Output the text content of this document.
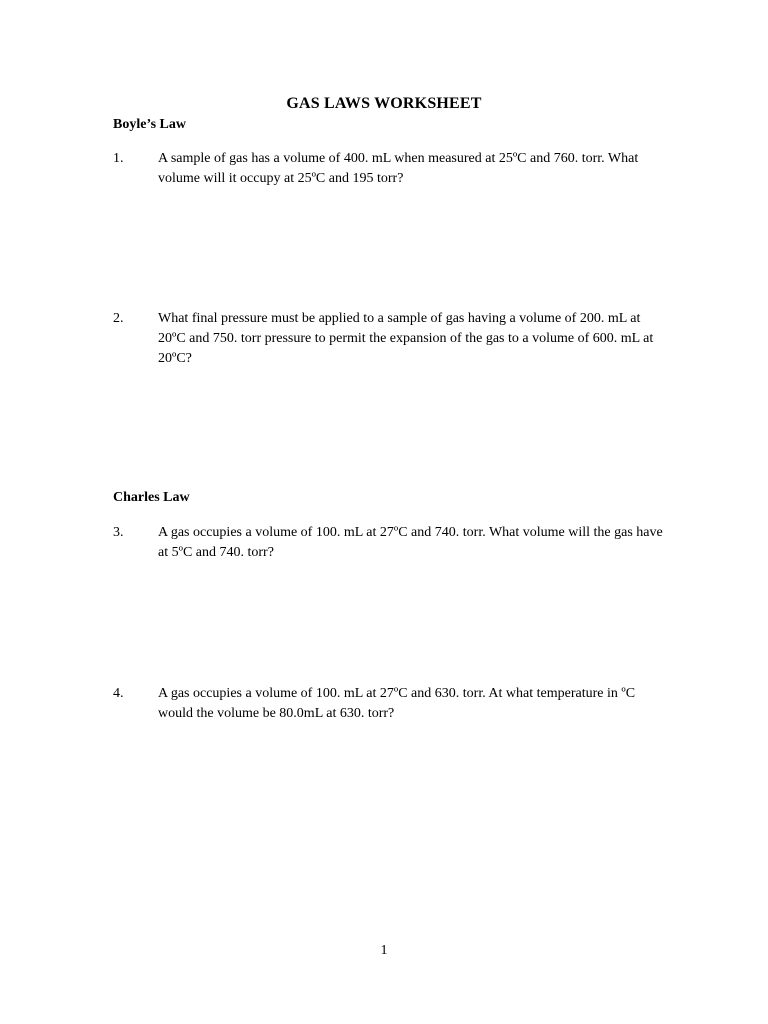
GAS LAWS WORKSHEET
Boyle’s Law
1. A sample of gas has a volume of 400. mL when measured at 25ºC and 760. torr. What volume will it occupy at 25ºC and 195 torr?
2. What final pressure must be applied to a sample of gas having a volume of 200. mL at 20ºC and 750. torr pressure to permit the expansion of the gas to a volume of 600. mL at 20ºC?
Charles Law
3. A gas occupies a volume of 100. mL at 27ºC and 740. torr. What volume will the gas have at 5ºC and 740. torr?
4. A gas occupies a volume of 100. mL at 27ºC and 630. torr. At what temperature in ºC would the volume be 80.0mL at 630. torr?
1
